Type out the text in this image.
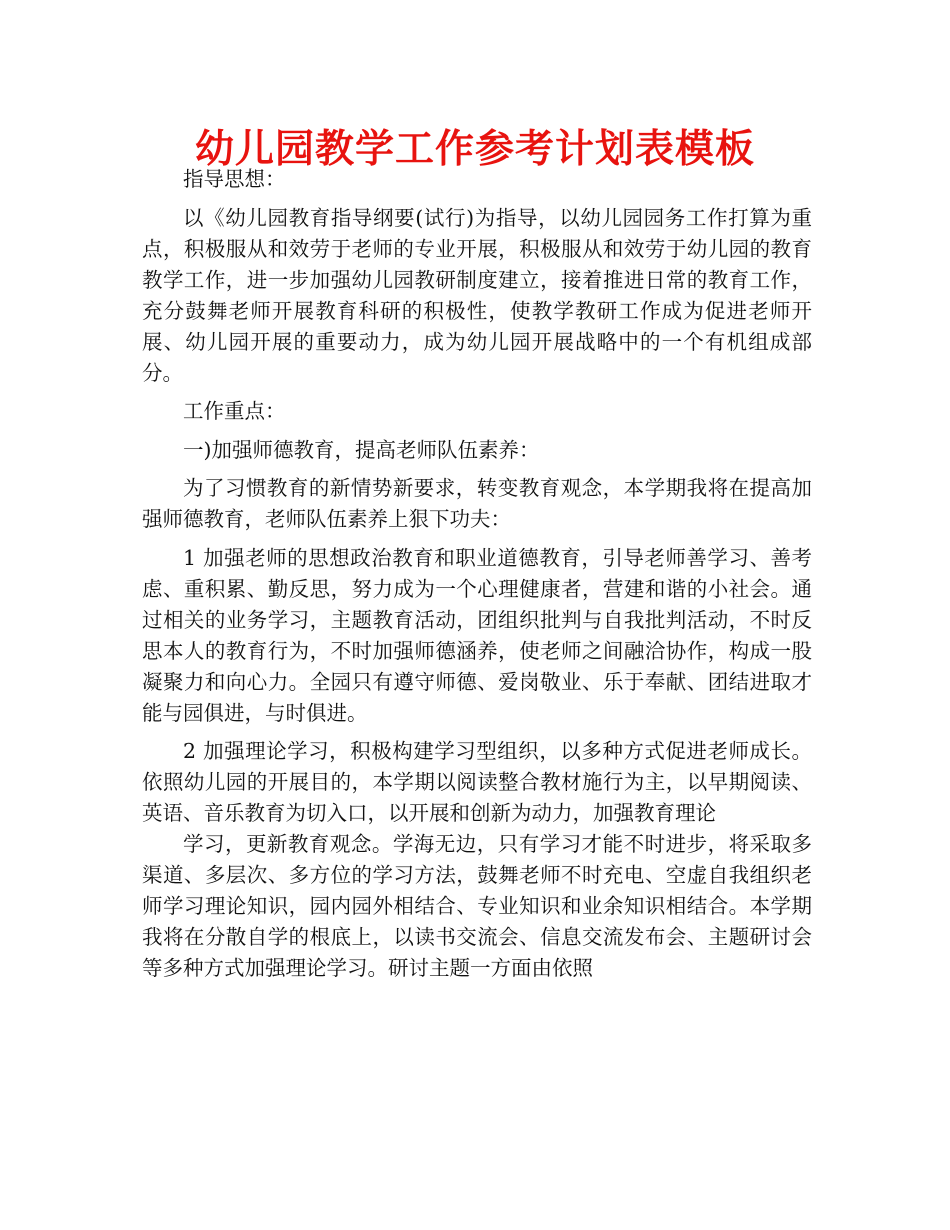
幼儿园教学工作参考计划表模板

指导思想：

以《幼儿园教育指导纲要(试行)为指导，以幼儿园园务工作打算为重点，积极服从和效劳于老师的专业开展，积极服从和效劳于幼儿园的教育教学工作，进一步加强幼儿园教研制度建立，接着推进日常的教育工作，充分鼓舞老师开展教育科研的积极性，使教学教研工作成为促进老师开展、幼儿园开展的重要动力，成为幼儿园开展战略中的一个有机组成部分。

工作重点：

一)加强师德教育，提高老师队伍素养：

为了习惯教育的新情势新要求，转变教育观念，本学期我将在提高加强师德教育，老师队伍素养上狠下功夫：

1 加强老师的思想政治教育和职业道德教育，引导老师善学习、善考虑、重积累、勤反思，努力成为一个心理健康者，营建和谐的小社会。通过相关的业务学习，主题教育活动，团组织批判与自我批判活动，不时反思本人的教育行为，不时加强师德涵养，使老师之间融洽协作，构成一股凝聚力和向心力。全园只有遵守师德、爱岗敬业、乐于奉献、团结进取才能与园俱进，与时俱进。

2 加强理论学习，积极构建学习型组织，以多种方式促进老师成长。依照幼儿园的开展目的，本学期以阅读整合教材施行为主，以早期阅读、英语、音乐教育为切入口，以开展和创新为动力，加强教育理论

学习，更新教育观念。学海无边，只有学习才能不时进步，将采取多渠道、多层次、多方位的学习方法，鼓舞老师不时充电、空虚自我组织老师学习理论知识，园内园外相结合、专业知识和业余知识相结合。本学期我将在分散自学的根底上，以读书交流会、信息交流发布会、主题研讨会等多种方式加强理论学习。研讨主题一方面由依照
